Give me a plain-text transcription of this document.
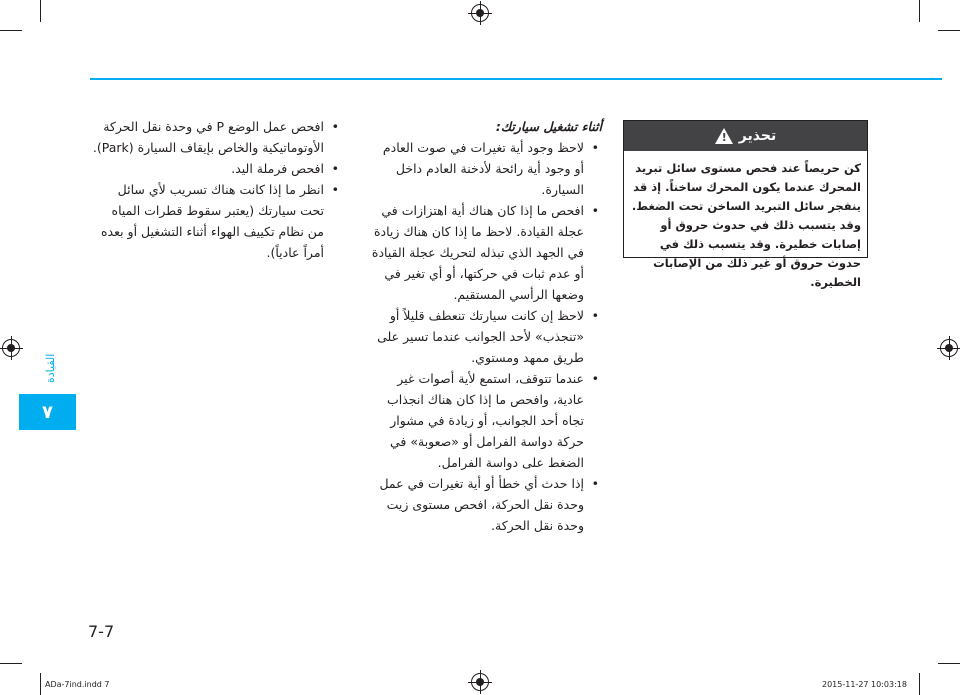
القيادة
٧
• افحص عمل الوضع P في وحدة نقل الحركة الأوتوماتيكية والخاص بإيقاف السيارة (Park).
• افحص فرملة اليد.
• انظر ما إذا كانت هناك تسريب لأي سائل تحت سيارتك (يعتبر سقوط قطرات المياه من نظام تكييف الهواء أثناء التشغيل أو بعده أمراً عادياً).

أثناء تشغيل سيارتك:

• لاحظ وجود أية تغيرات في صوت العادم أو وجود أية رائحة لأدخنة العادم داخل السيارة.
• افحص ما إذا كان هناك أية اهتزازات في عجلة القيادة. لاحظ ما إذا كان هناك زيادة في الجهد الذي تبذله لتحريك عجلة القيادة أو عدم ثبات في حركتها، أو أي تغير في وضعها الرأسي المستقيم.
• لاحظ إن كانت سيارتك تنعطف قليلاً أو «تنجذب» لأحد الجوانب عندما تسير على طريق ممهد ومستوي.
• عندما تتوقف، استمع لأية أصوات غير عادية، وافحص ما إذا كان هناك انجذاب تجاه أحد الجوانب، أو زيادة في مشوار حركة دواسة الفرامل أو «صعوبة» في الضغط على دواسة الفرامل.
• إذا حدث أي خطأ أو أية تغيرات في عمل وحدة نقل الحركة، افحص مستوى زيت وحدة نقل الحركة.
تحذير
!
كن حريصاً عند فحص مستوى سائل تبريد المحرك عندما يكون المحرك ساخناً. إذ قد ينفجر سائل التبريد الساخن تحت الضغط. وقد يتسبب ذلك في حدوث حروق أو إصابات خطيرة. وقد يتسبب ذلك في حدوث حروق أو غير ذلك من الإصابات الخطيرة.
7-7
ADa-7ind.indd 7	2015-11-27 10:03:18
